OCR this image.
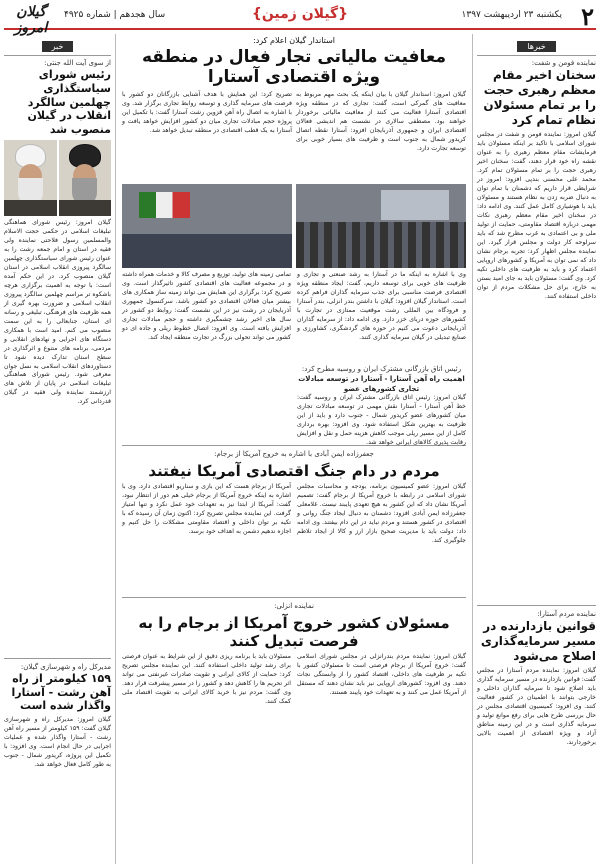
۲
یکشنبه ۲۳ اردیبهشت ۱۳۹۷
{گیلان زمین}
سال هجدهم | شماره ۴۹۲۵
گیلان امروز
خبرها
نماینده فومن و شفت:
سخنان اخیر مقام معظم رهبری حجت را بر تمام مسئولان نظام تمام کرد
گیلان امروز: نماینده فومن و شفت در مجلس شورای اسلامی با تاکید بر اینکه مسئولان باید فرمایشات مقام معظم رهبری را به عنوان نقشه راه خود قرار دهند، گفت: سخنان اخیر رهبری حجت را بر تمام مسئولان تمام کرد. محمد علی محسنی بندپی افزود: امروز در شرایطی قرار داریم که دشمنان با تمام توان به دنبال ضربه زدن به نظام هستند و مسئولان باید با هوشیاری کامل عمل کنند. وی ادامه داد: در سخنان اخیر مقام معظم رهبری نکات مهمی درباره اقتصاد مقاومتی، حمایت از تولید ملی و بی اعتمادی به غرب مطرح شد که باید سرلوحه کار دولت و مجلس قرار گیرد. این نماینده مجلس اظهار کرد: تجربه برجام نشان داد که نمی توان به آمریکا و کشورهای اروپایی اعتماد کرد و باید به ظرفیت های داخلی تکیه کرد. وی گفت: مسئولان باید به جای امید بستن به خارج، برای حل مشکلات مردم از توان داخلی استفاده کنند.
نماینده مردم آستارا:
قوانین بازدارنده در مسیر سرمایه‌گذاری اصلاح می‌شود
گیلان امروز: نماینده مردم آستارا در مجلس گفت: قوانین بازدارنده در مسیر سرمایه گذاری باید اصلاح شود تا سرمایه گذاران داخلی و خارجی بتوانند با اطمینان در کشور فعالیت کنند. وی افزود: کمیسیون اقتصادی مجلس در حال بررسی طرح هایی برای رفع موانع تولید و سرمایه گذاری است و در این زمینه مناطق آزاد و ویژه اقتصادی از اهمیت بالایی برخوردارند.
استاندار گیلان اعلام کرد:
معافیت مالیاتی تجار فعال در منطقه ویژه اقتصادی آستارا
گیلان امروز: استاندار گیلان با بیان اینکه یک بحث مهم مربوط به معافیت های گمرکی است، گفت: تجاری که در منطقه ویژه اقتصادی آستارا فعالیت می کنند از معافیت مالیاتی برخوردار خواهند بود. مصطفی سالاری در نشست هم اندیشی فعالان اقتصادی ایران و جمهوری آذربایجان افزود: آستارا نقطه اتصال کریدور شمال به جنوب است و ظرفیت های بسیار خوبی برای توسعه تجارت دارد.
تصریح کرد: این همایش با هدف آشنایی بازرگانان دو کشور با فرصت های سرمایه گذاری و توسعه روابط تجاری برگزار شد. وی با اشاره به اتصال راه آهن قزوین رشت آستارا گفت: با تکمیل این پروژه حجم مبادلات تجاری میان دو کشور افزایش خواهد یافت و آستارا به یک قطب اقتصادی در منطقه تبدیل خواهد شد.
وی با اشاره به اینکه ما در آستارا به رشد صنعتی و تجاری و ظرفیت های خوبی برای توسعه داریم، گفت: ایجاد منطقه ویژه اقتصادی فرصت مناسبی برای جذب سرمایه گذاران فراهم کرده است. استاندار گیلان افزود: گیلان با داشتن بندر انزلی، بندر آستارا و فرودگاه بین المللی رشت موقعیت ممتازی در تجارت با کشورهای حوزه دریای خزر دارد. وی ادامه داد: از سرمایه گذاران آذربایجانی دعوت می کنیم در حوزه های گردشگری، کشاورزی و صنایع تبدیلی در گیلان سرمایه گذاری کنند.
رئیس اتاق بازرگانی مشترک ایران و روسیه مطرح کرد:
اهمیت راه آهن آستارا - آستارا در توسعه مبادلات تجاری کشورهای عضو
گیلان امروز: رئیس اتاق بازرگانی مشترک ایران و روسیه گفت: خط آهن آستارا - آستارا نقش مهمی در توسعه مبادلات تجاری میان کشورهای عضو کریدور شمال - جنوب دارد و باید از این ظرفیت به بهترین شکل استفاده شود. وی افزود: بهره برداری کامل از این مسیر ریلی موجب کاهش هزینه حمل و نقل و افزایش رقابت پذیری کالاهای ایرانی خواهد شد.
تمامی زمینه های تولید، توزیع و مصرف کالا و خدمات همراه داشته و در مجموعه فعالیت های اقتصادی کشور تاثیرگذار است. وی تصریح کرد: برگزاری این همایش می تواند زمینه ساز همکاری های بیشتر میان فعالان اقتصادی دو کشور باشد. سرکنسول جمهوری آذربایجان در رشت نیز در این نشست گفت: روابط دو کشور در سال های اخیر رشد چشمگیری داشته و حجم مبادلات تجاری افزایش یافته است. وی افزود: اتصال خطوط ریلی و جاده ای دو کشور می تواند تحولی بزرگ در تجارت منطقه ایجاد کند.
جعفرزاده ایمن آبادی با اشاره به خروج آمریکا از برجام:
مردم در دام جنگ اقتصادی آمریکا نیفتند
گیلان امروز: عضو کمیسیون برنامه، بودجه و محاسبات مجلس شورای اسلامی در رابطه با خروج آمریکا از برجام گفت: تصمیم آمریکا نشان داد که این کشور به هیچ تعهدی پایبند نیست. غلامعلی جعفرزاده ایمن آبادی افزود: دشمنان به دنبال ایجاد جنگ روانی و اقتصادی در کشور هستند و مردم نباید در این دام بیفتند. وی ادامه داد: دولت باید با مدیریت صحیح بازار ارز و کالا از ایجاد تلاطم جلوگیری کند.
آمریکا از برجام هست که این بازی و سناریو اقتصادی دارد. وی با اشاره به اینکه خروج آمریکا از برجام خیلی هم دور از انتظار نبود، گفت: آمریکا از ابتدا نیز به تعهدات خود عمل نکرد و تنها امتیاز گرفت. این نماینده مجلس تصریح کرد: اکنون زمان آن رسیده که با تکیه بر توان داخلی و اقتصاد مقاومتی مشکلات را حل کنیم و اجازه ندهیم دشمن به اهداف خود برسد.
نماینده انزلی:
مسئولان کشور خروج آمریکا از برجام را به فرصت تبدیل کنند
گیلان امروز: نماینده مردم بندرانزلی در مجلس شورای اسلامی گفت: خروج آمریکا از برجام فرصتی است تا مسئولان کشور با تکیه بر ظرفیت های داخلی، اقتصاد کشور را از وابستگی نجات دهند. وی افزود: کشورهای اروپایی نیز باید نشان دهند که مستقل از آمریکا عمل می کنند و به تعهدات خود پایبند هستند.
مسئولان باید با برنامه ریزی دقیق از این شرایط به عنوان فرصتی برای رشد تولید داخلی استفاده کنند. این نماینده مجلس تصریح کرد: حمایت از کالای ایرانی و تقویت صادرات غیرنفتی می تواند اثر تحریم ها را کاهش دهد و کشور را در مسیر پیشرفت قرار دهد. وی گفت: مردم نیز با خرید کالای ایرانی به تقویت اقتصاد ملی کمک کنند.
خبر
از سوی آیت الله جنتی:
رئیس شورای سیاستگذاری چهلمین سالگرد انقلاب در گیلان منصوب شد
گیلان امروز: رئیس شورای هماهنگی تبلیغات اسلامی در حکمی حجت الاسلام والمسلمین رسول فلاحتی نماینده ولی فقیه در استان و امام جمعه رشت را به عنوان رئیس شورای سیاستگذاری چهلمین سالگرد پیروزی انقلاب اسلامی در استان گیلان منصوب کرد. در این حکم آمده است: با توجه به اهمیت برگزاری هرچه باشکوه تر مراسم چهلمین سالگرد پیروزی انقلاب اسلامی و ضرورت بهره گیری از همه ظرفیت های فرهنگی، تبلیغی و رسانه ای استان، جنابعالی را به این سمت منصوب می کنم. امید است با همکاری دستگاه های اجرایی و نهادهای انقلابی و مردمی، برنامه های متنوع و اثرگذاری در سطح استان تدارک دیده شود تا دستاوردهای انقلاب اسلامی به نسل جوان معرفی شود. رئیس شورای هماهنگی تبلیغات اسلامی در پایان از تلاش های ارزشمند نماینده ولی فقیه در گیلان قدردانی کرد.
مدیرکل راه و شهرسازی گیلان:
۱۵۹ کیلومتر از راه آهن رشت - آستارا واگذار شده است
گیلان امروز: مدیرکل راه و شهرسازی گیلان گفت: ۱۵۹ کیلومتر از مسیر راه آهن رشت - آستارا واگذار شده و عملیات اجرایی در حال انجام است. وی افزود: با تکمیل این پروژه، کریدور شمال - جنوب به طور کامل فعال خواهد شد.
